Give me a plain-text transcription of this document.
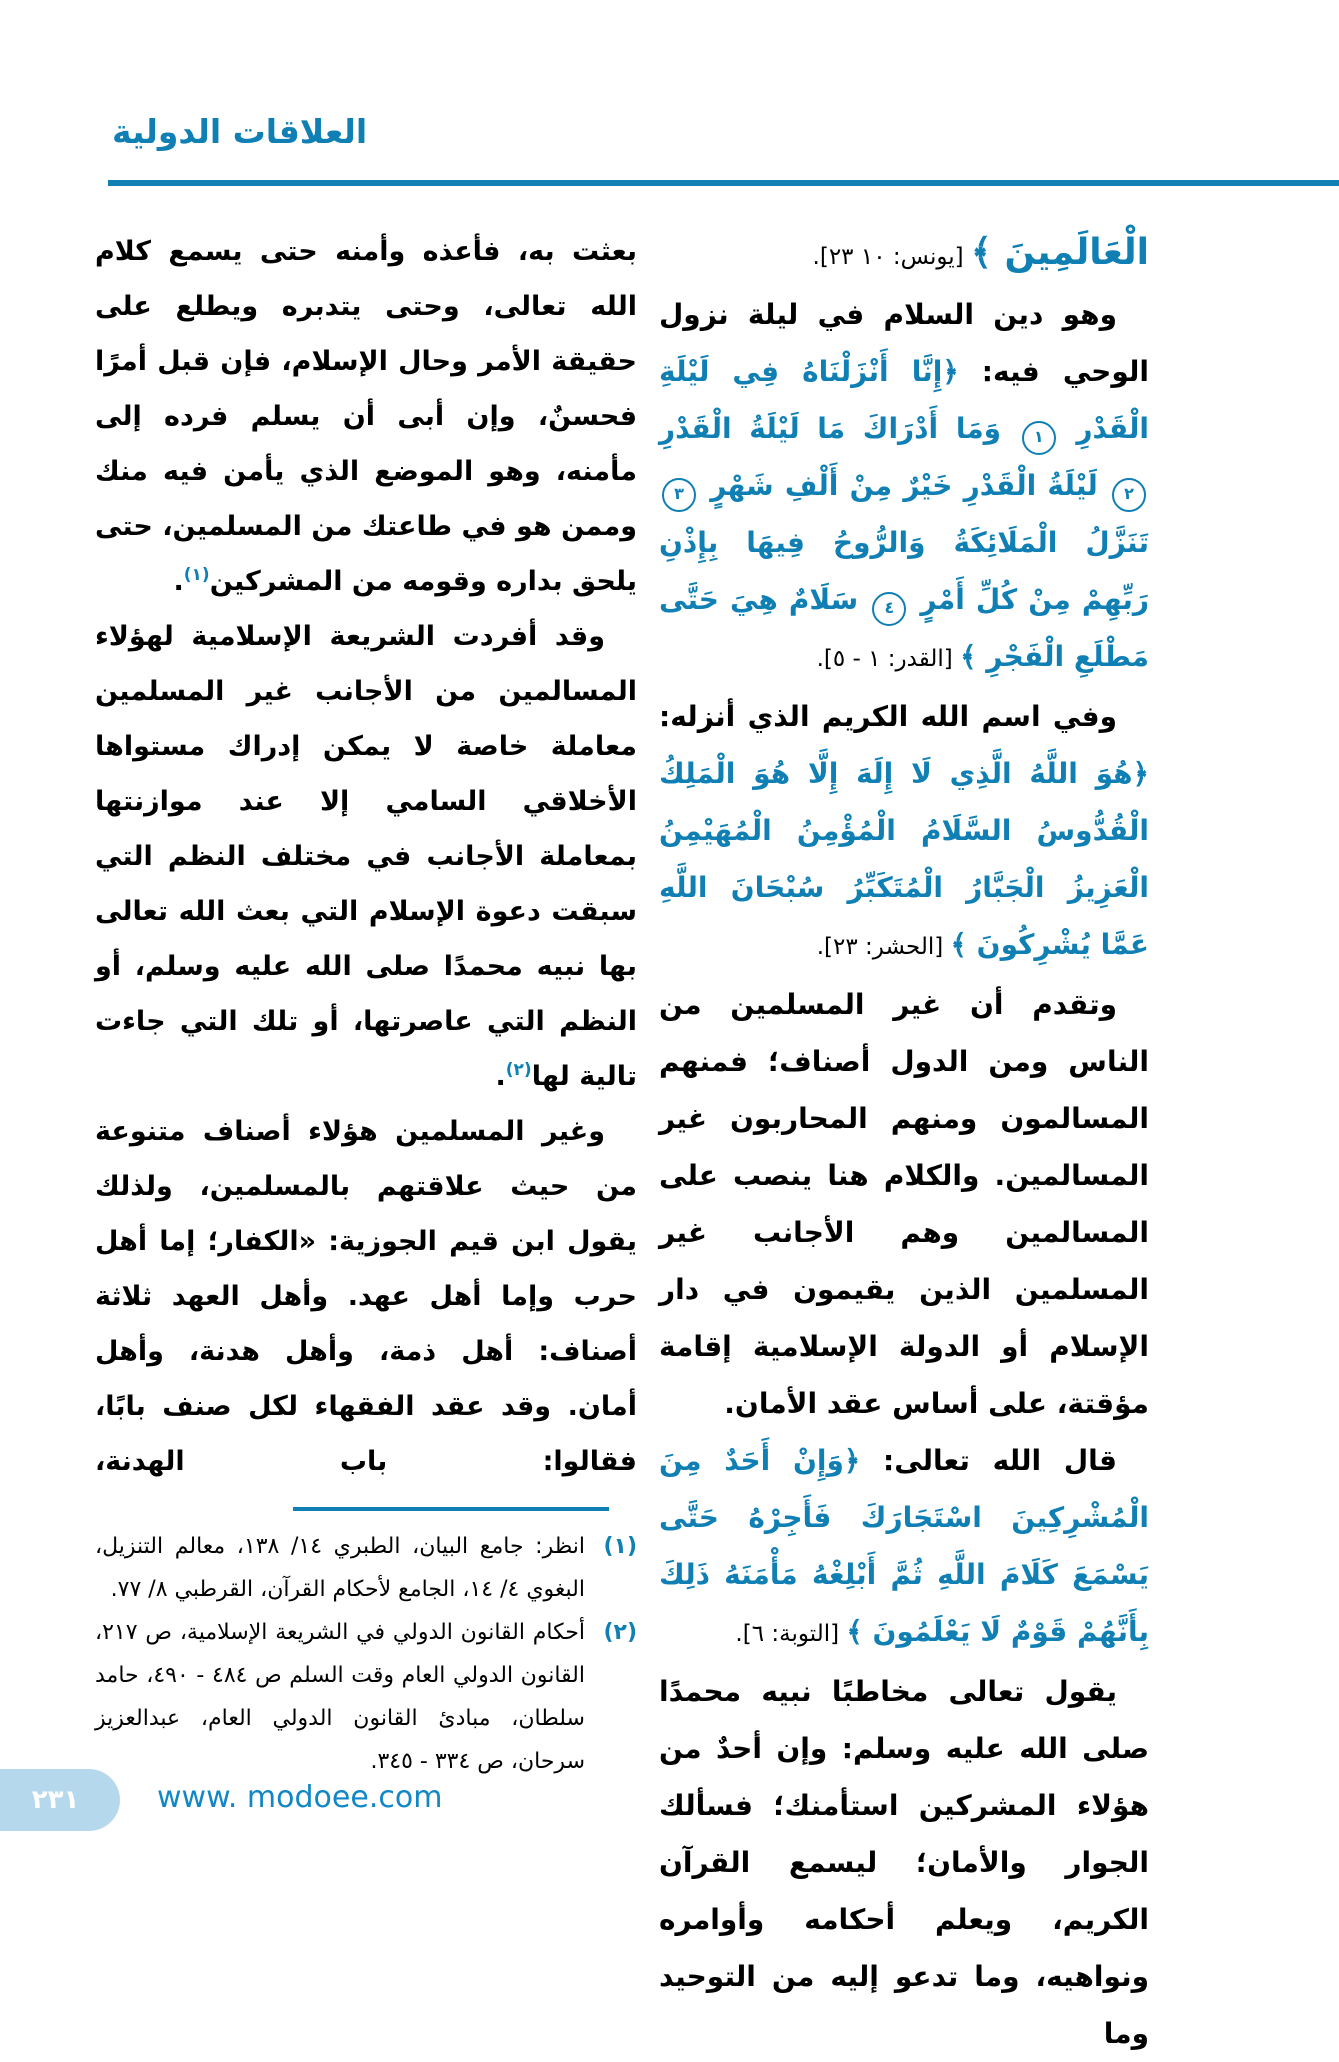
العلاقات الدولية

الْعَالَمِينَ ﴾ [يونس: ١٠ ٢٣].

وهو دين السلام في ليلة نزول الوحي فيه: ﴿إِنَّا أَنْزَلْنَاهُ فِي لَيْلَةِ الْقَدْرِ ١ وَمَا أَدْرَاكَ مَا لَيْلَةُ الْقَدْرِ ٢ لَيْلَةُ الْقَدْرِ خَيْرٌ مِنْ أَلْفِ شَهْرٍ ٣ تَنَزَّلُ الْمَلَائِكَةُ وَالرُّوحُ فِيهَا بِإِذْنِ رَبِّهِمْ مِنْ كُلِّ أَمْرٍ ٤ سَلَامٌ هِيَ حَتَّى مَطْلَعِ الْفَجْرِ ﴾ [القدر: ١ - ٥].

وفي اسم الله الكريم الذي أنزله: ﴿هُوَ اللَّهُ الَّذِي لَا إِلَهَ إِلَّا هُوَ الْمَلِكُ الْقُدُّوسُ السَّلَامُ الْمُؤْمِنُ الْمُهَيْمِنُ الْعَزِيزُ الْجَبَّارُ الْمُتَكَبِّرُ سُبْحَانَ اللَّهِ عَمَّا يُشْرِكُونَ ﴾ [الحشر: ٢٣].

وتقدم أن غير المسلمين من الناس ومن الدول أصناف؛ فمنهم المسالمون ومنهم المحاربون غير المسالمين. والكلام هنا ينصب على المسالمين وهم الأجانب غير المسلمين الذين يقيمون في دار الإسلام أو الدولة الإسلامية إقامة مؤقتة، على أساس عقد الأمان.

قال الله تعالى: ﴿وَإِنْ أَحَدٌ مِنَ الْمُشْرِكِينَ اسْتَجَارَكَ فَأَجِرْهُ حَتَّى يَسْمَعَ كَلَامَ اللَّهِ ثُمَّ أَبْلِغْهُ مَأْمَنَهُ ذَلِكَ بِأَنَّهُمْ قَوْمٌ لَا يَعْلَمُونَ ﴾ [التوبة: ٦].

يقول تعالى مخاطبًا نبيه محمدًا صلى الله عليه وسلم: وإن أحدٌ من هؤلاء المشركين استأمنك؛ فسألك الجوار والأمان؛ ليسمع القرآن الكريم، ويعلم أحكامه وأوامره ونواهيه، وما تدعو إليه من التوحيد وما

بعثت به، فأعذه وأمنه حتى يسمع كلام الله تعالى، وحتى يتدبره ويطلع على حقيقة الأمر وحال الإسلام، فإن قبل أمرًا فحسنٌ، وإن أبى أن يسلم فرده إلى مأمنه، وهو الموضع الذي يأمن فيه منك وممن هو في طاعتك من المسلمين، حتى يلحق بداره وقومه من المشركين$^{(١)}$.

وقد أفردت الشريعة الإسلامية لهؤلاء المسالمين من الأجانب غير المسلمين معاملة خاصة لا يمكن إدراك مستواها الأخلاقي السامي إلا عند موازنتها بمعاملة الأجانب في مختلف النظم التي سبقت دعوة الإسلام التي بعث الله تعالى بها نبيه محمدًا صلى الله عليه وسلم، أو النظم التي عاصرتها، أو تلك التي جاءت تالية لها$^{(٢)}$.

وغير المسلمين هؤلاء أصناف متنوعة من حيث علاقتهم بالمسلمين، ولذلك يقول ابن قيم الجوزية: «الكفار؛ إما أهل حرب وإما أهل عهد. وأهل العهد ثلاثة أصناف: أهل ذمة، وأهل هدنة، وأهل أمان. وقد عقد الفقهاء لكل صنف بابًا، فقالوا: باب الهدنة،

(١)
انظر: جامع البيان، الطبري ١٤/ ١٣٨، معالم التنزيل، البغوي ٤/ ١٤، الجامع لأحكام القرآن، القرطبي ٨/ ٧٧.

(٢)
أحكام القانون الدولي في الشريعة الإسلامية، ص ٢١٧، القانون الدولي العام وقت السلم ص ٤٨٤ - ٤٩٠، حامد سلطان، مبادئ القانون الدولي العام، عبدالعزيز سرحان، ص ٣٣٤ - ٣٤٥.

٢٣١	www. modoee.com
